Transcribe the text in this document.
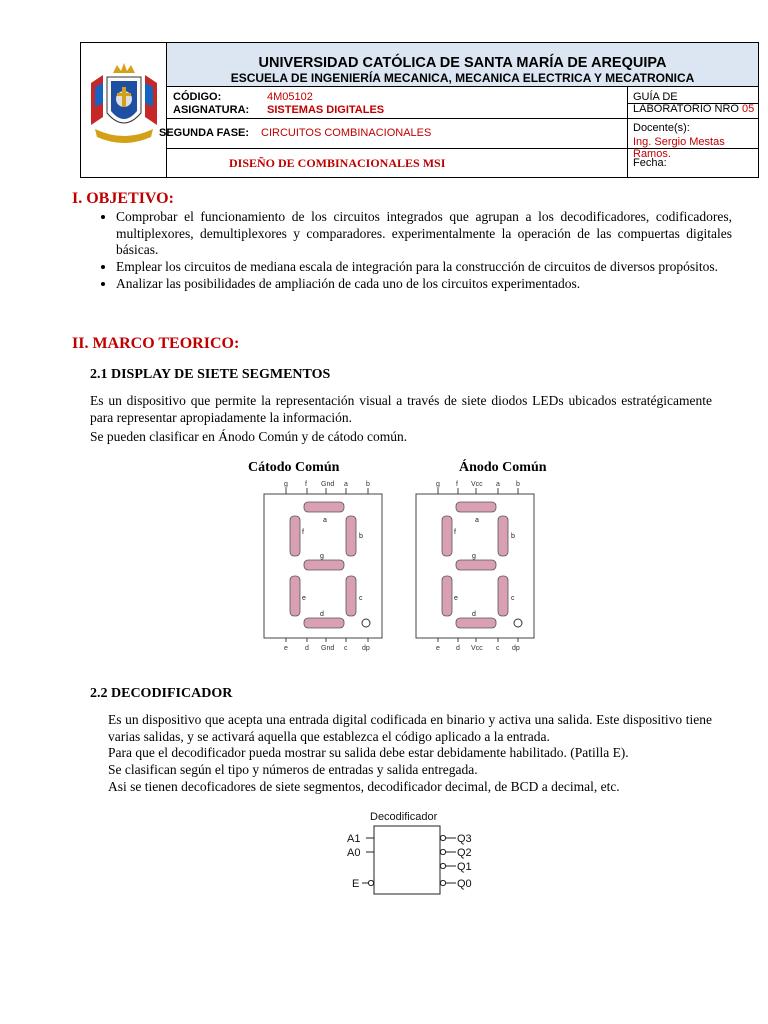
UNIVERSIDAD CATÓLICA DE SANTA MARÍA DE AREQUIPA
ESCUELA DE INGENIERÍA MECANICA, MECANICA ELECTRICA Y MECATRONICA
CÓDIGO:	4M05102
ASIGNATURA: SISTEMAS DIGITALES
GUÍA DE LABORATORIO NRO 05
SEGUNDA FASE: CIRCUITOS COMBINACIONALES	Docente(s):
Ing. Sergio Mestas Ramos.
DISEÑO DE COMBINACIONALES MSI	Fecha:
I. OBJETIVO:
• Comprobar el funcionamiento de los circuitos integrados que agrupan a los decodificadores, codificadores, multiplexores, demultiplexores y comparadores. experimentalmente la operación de las compuertas digitales básicas.
• Emplear los circuitos de mediana escala de integración para la construcción de circuitos de diversos propósitos.
• Analizar las posibilidades de ampliación de cada uno de los circuitos experimentados.
II. MARCO TEORICO:
2.1 DISPLAY DE SIETE SEGMENTOS
Es un dispositivo que permite la representación visual a través de siete diodos LEDs ubicados estratégicamente para representar apropiadamente la información.
Se pueden clasificar en Ánodo Común y de cátodo común.
Cátodo Común	Ánodo Común
g f Gnd a	b
e d Gnd c dp
a
b
c
d
e
f
g
g f Vcc a b
e d Vcc c dp
a
b
c
d
e
f
g
2.2 DECODIFICADOR
Es un dispositivo que acepta una entrada digital codificada en binario y activa una salida. Este dispositivo tiene varias salidas, y se activará aquella que establezca el código aplicado a la entrada.
Para que el decodificador pueda mostrar su salida debe estar debidamente habilitado. (Patilla E).
Se clasifican según el tipo y números de entradas y salida entregada.
Asi se tienen decoficadores de siete segmentos, decodificador decimal, de BCD a decimal, etc.
Decodificador
A1
A0
E
Q3
Q2
Q1
Q0
